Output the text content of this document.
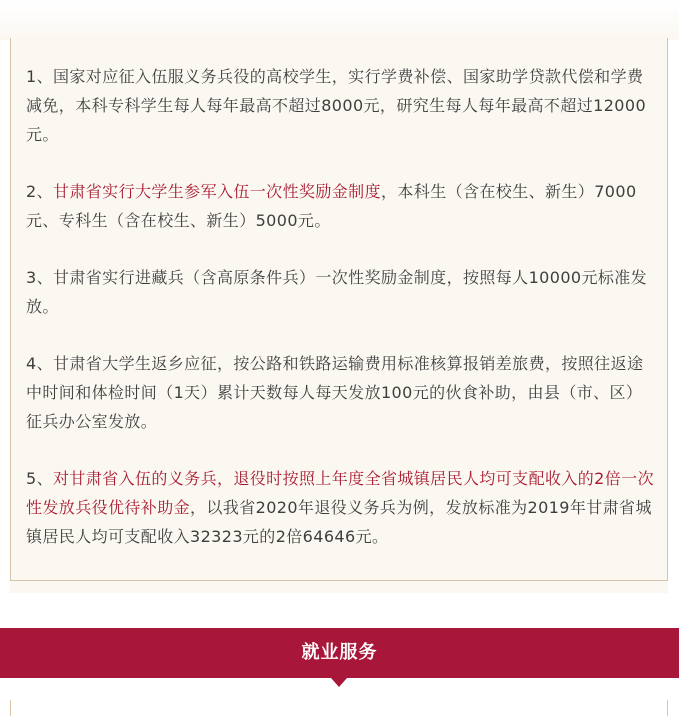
1、国家对应征入伍服义务兵役的高校学生，实行学费补偿、国家助学贷款代偿和学费减免，本科专科学生每人每年最高不超过8000元，研究生每人每年最高不超过12000元。

2、甘肃省实行大学生参军入伍一次性奖励金制度，本科生（含在校生、新生）7000元、专科生（含在校生、新生）5000元。

3、甘肃省实行进藏兵（含高原条件兵）一次性奖励金制度，按照每人10000元标准发放。

4、甘肃省大学生返乡应征，按公路和铁路运输费用标准核算报销差旅费，按照往返途中时间和体检时间（1天）累计天数每人每天发放100元的伙食补助，由县（市、区）征兵办公室发放。

5、对甘肃省入伍的义务兵，退役时按照上年度全省城镇居民人均可支配收入的2倍一次性发放兵役优待补助金，以我省2020年退役义务兵为例，发放标准为2019年甘肃省城镇居民人均可支配收入32323元的2倍64646元。

就业服务
